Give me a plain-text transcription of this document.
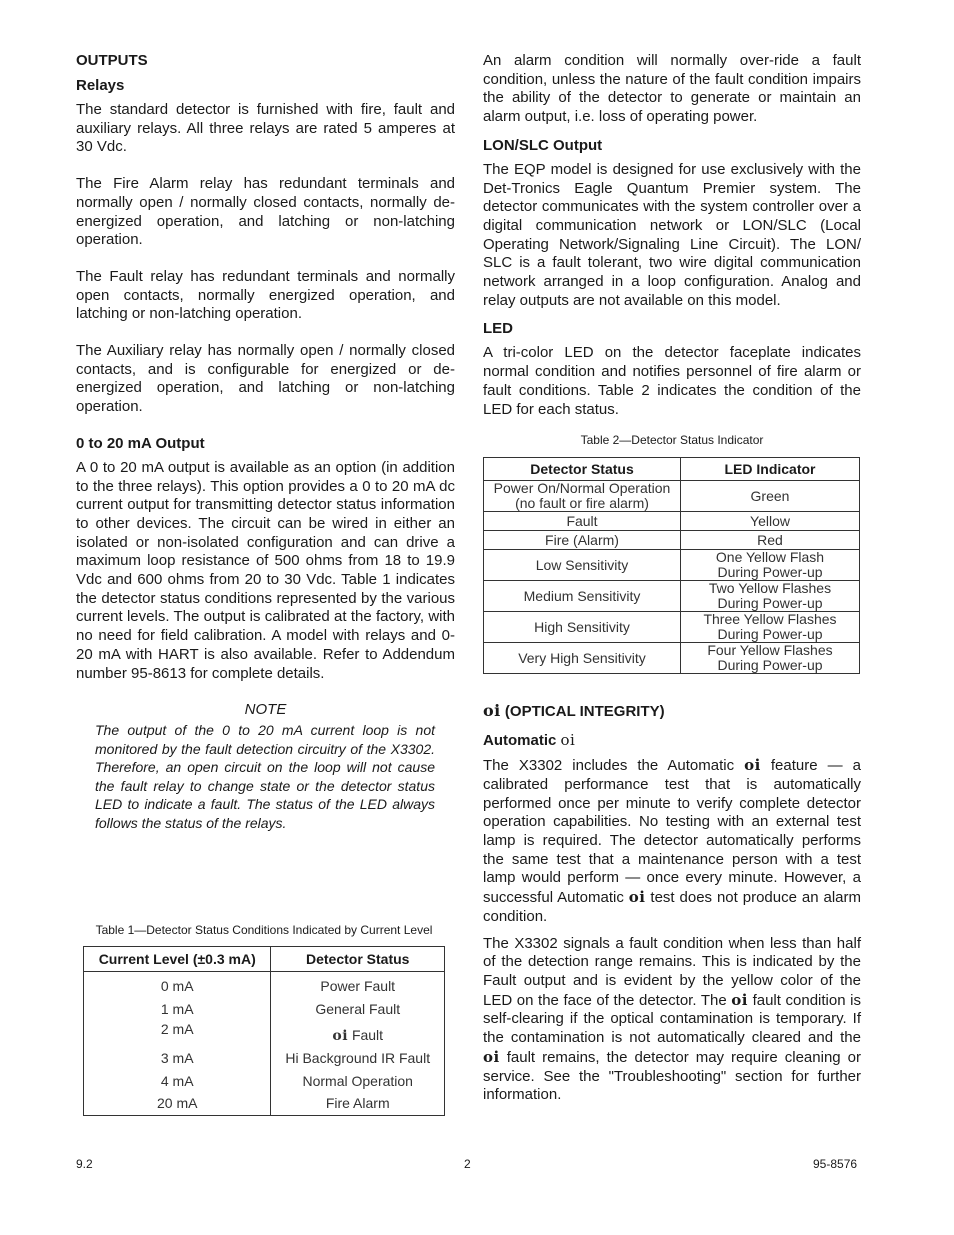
OUTPUTS
Relays

The standard detector is furnished with fire, fault and auxiliary relays. All three relays are rated 5 amperes at 30 Vdc.

The Fire Alarm relay has redundant terminals and normally open / normally closed contacts, normally de-energized operation, and latching or non-latching operation.

The Fault relay has redundant terminals and normally open contacts, normally energized operation, and latching or non-latching operation.

The Auxiliary relay has normally open / normally closed contacts, and is configurable for energized or de-energized operation, and latching or non-latching operation.

0 to 20 mA Output

A 0 to 20 mA output is available as an option (in addition to the three relays). This option provides a 0 to 20 mA dc current output for transmitting detector status information to other devices. The circuit can be wired in either an isolated or non-isolated configuration and can drive a maximum loop resistance of 500 ohms from 18 to 19.9 Vdc and 600 ohms from 20 to 30 Vdc. Table 1 indicates the detector status conditions represented by the various current levels. The output is calibrated at the factory, with no need for field calibration. A model with relays and 0-20 mA with HART is also available. Refer to Addendum number 95-8613 for complete details.

NOTE

The output of the 0 to 20 mA current loop is not monitored by the fault detection circuitry of the X3302. Therefore, an open circuit on the loop will not cause the fault relay to change state or the detector status LED to indicate a fault. The status of the LED always follows the status of the relays.

Table 1—Detector Status Conditions Indicated by Current Level

Current Level (±0.3 mA)	Detector Status
0 mA	Power Fault
1 mA	General Fault
2 mA	oi Fault
3 mA	Hi Background IR Fault
4 mA	Normal Operation
20 mA	Fire Alarm

An alarm condition will normally over-ride a fault condition, unless the nature of the fault condition impairs the ability of the detector to generate or maintain an alarm output, i.e. loss of operating power.

LON/SLC Output

The EQP model is designed for use exclusively with the Det-Tronics Eagle Quantum Premier system. The detector communicates with the system controller over a digital communication network or LON/SLC (Local Operating Network/Signaling Line Circuit). The LON/ SLC is a fault tolerant, two wire digital communication network arranged in a loop configuration. Analog and relay outputs are not available on this model.

LED

A tri-color LED on the detector faceplate indicates normal condition and notifies personnel of fire alarm or fault conditions. Table 2 indicates the condition of the LED for each status.

Table 2—Detector Status Indicator

Detector Status	LED Indicator
Power On/Normal Operation
(no fault or fire alarm)	Green
Fault	Yellow
Fire (Alarm)	Red
Low Sensitivity	One Yellow Flash
During Power-up
Medium Sensitivity	Two Yellow Flashes
During Power-up
High Sensitivity	Three Yellow Flashes
During Power-up
Very High Sensitivity	Four Yellow Flashes
During Power-up
oi (OPTICAL INTEGRITY)
Automatic oi

The X3302 includes the Automatic oi feature — a calibrated performance test that is automatically performed once per minute to verify complete detector operation capabilities. No testing with an external test lamp is required. The detector automatically performs the same test that a maintenance person with a test lamp would perform — once every minute. However, a successful Automatic oi test does not produce an alarm condition.

The X3302 signals a fault condition when less than half of the detection range remains. This is indicated by the Fault output and is evident by the yellow color of the LED on the face of the detector. The oi fault condition is self-clearing if the optical contamination is temporary. If the contamination is not automatically cleared and the oi fault remains, the detector may require cleaning or service. See the "Troubleshooting" section for further information.

9.2	2	95-8576
